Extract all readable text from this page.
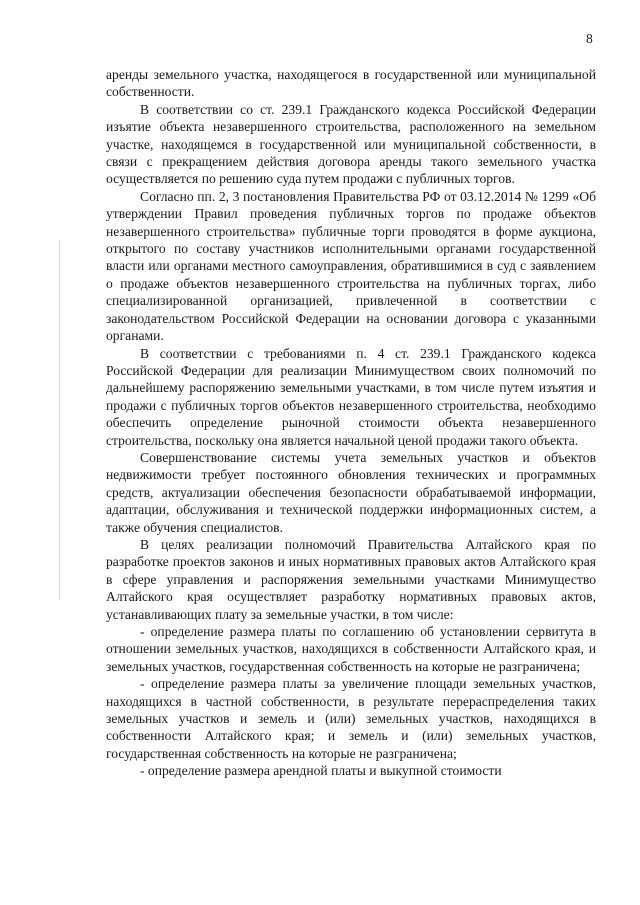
8

аренды земельного участка, находящегося в государственной или муниципальной собственности.

В соответствии со ст. 239.1 Гражданского кодекса Российской Федерации изъятие объекта незавершенного строительства, расположенного на земельном участке, находящемся в государственной или муниципальной собственности, в связи с прекращением действия договора аренды такого земельного участка осуществляется по решению суда путем продажи с публичных торгов.

Согласно пп. 2, 3 постановления Правительства РФ от 03.12.2014 № 1299 «Об утверждении Правил проведения публичных торгов по продаже объектов незавершенного строительства» публичные торги проводятся в форме аукциона, открытого по составу участников исполнительными органами государственной власти или органами местного самоуправления, обратившимися в суд с заявлением о продаже объектов незавершенного строительства на публичных торгах, либо специализированной организацией, привлеченной в соответствии с законодательством Российской Федерации на основании договора с указанными органами.

В соответствии с требованиями п. 4 ст. 239.1 Гражданского кодекса Российской Федерации для реализации Минимуществом своих полномочий по дальнейшему распоряжению земельными участками, в том числе путем изъятия и продажи с публичных торгов объектов незавершенного строительства, необходимо обеспечить определение рыночной стоимости объекта незавершенного строительства, поскольку она является начальной ценой продажи такого объекта.

Совершенствование системы учета земельных участков и объектов недвижимости требует постоянного обновления технических и программных средств, актуализации обеспечения безопасности обрабатываемой информации, адаптации, обслуживания и технической поддержки информационных систем, а также обучения специалистов.

В целях реализации полномочий Правительства Алтайского края по разработке проектов законов и иных нормативных правовых актов Алтайского края в сфере управления и распоряжения земельными участками Минимущество Алтайского края осуществляет разработку нормативных правовых актов, устанавливающих плату за земельные участки, в том числе:

- определение размера платы по соглашению об установлении сервитута в отношении земельных участков, находящихся в собственности Алтайского края, и земельных участков, государственная собственность на которые не разграничена;

- определение размера платы за увеличение площади земельных участков, находящихся в частной собственности, в результате перераспределения таких земельных участков и земель и (или) земельных участков, находящихся в собственности Алтайского края; и земель и (или) земельных участков, государственная собственность на которые не разграничена;

- определение размера арендной платы и выкупной стоимости
